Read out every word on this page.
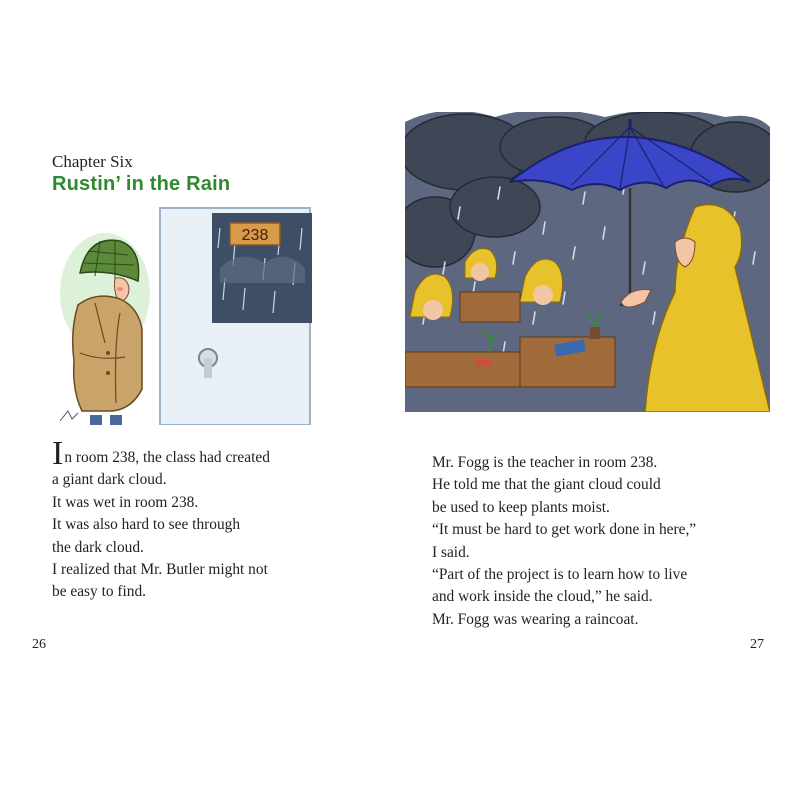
Chapter Six
Rustin’ in the Rain
238
In room 238, the class had created
a giant dark cloud.
It was wet in room 238.
It was also hard to see through
the dark cloud.
I realized that Mr. Butler might not
be easy to find.
26
Mr. Fogg is the teacher in room 238.
He told me that the giant cloud could
be used to keep plants moist.
“It must be hard to get work done in here,”
I said.
“Part of the project is to learn how to live
and work inside the cloud,” he said.
Mr. Fogg was wearing a raincoat.
27
